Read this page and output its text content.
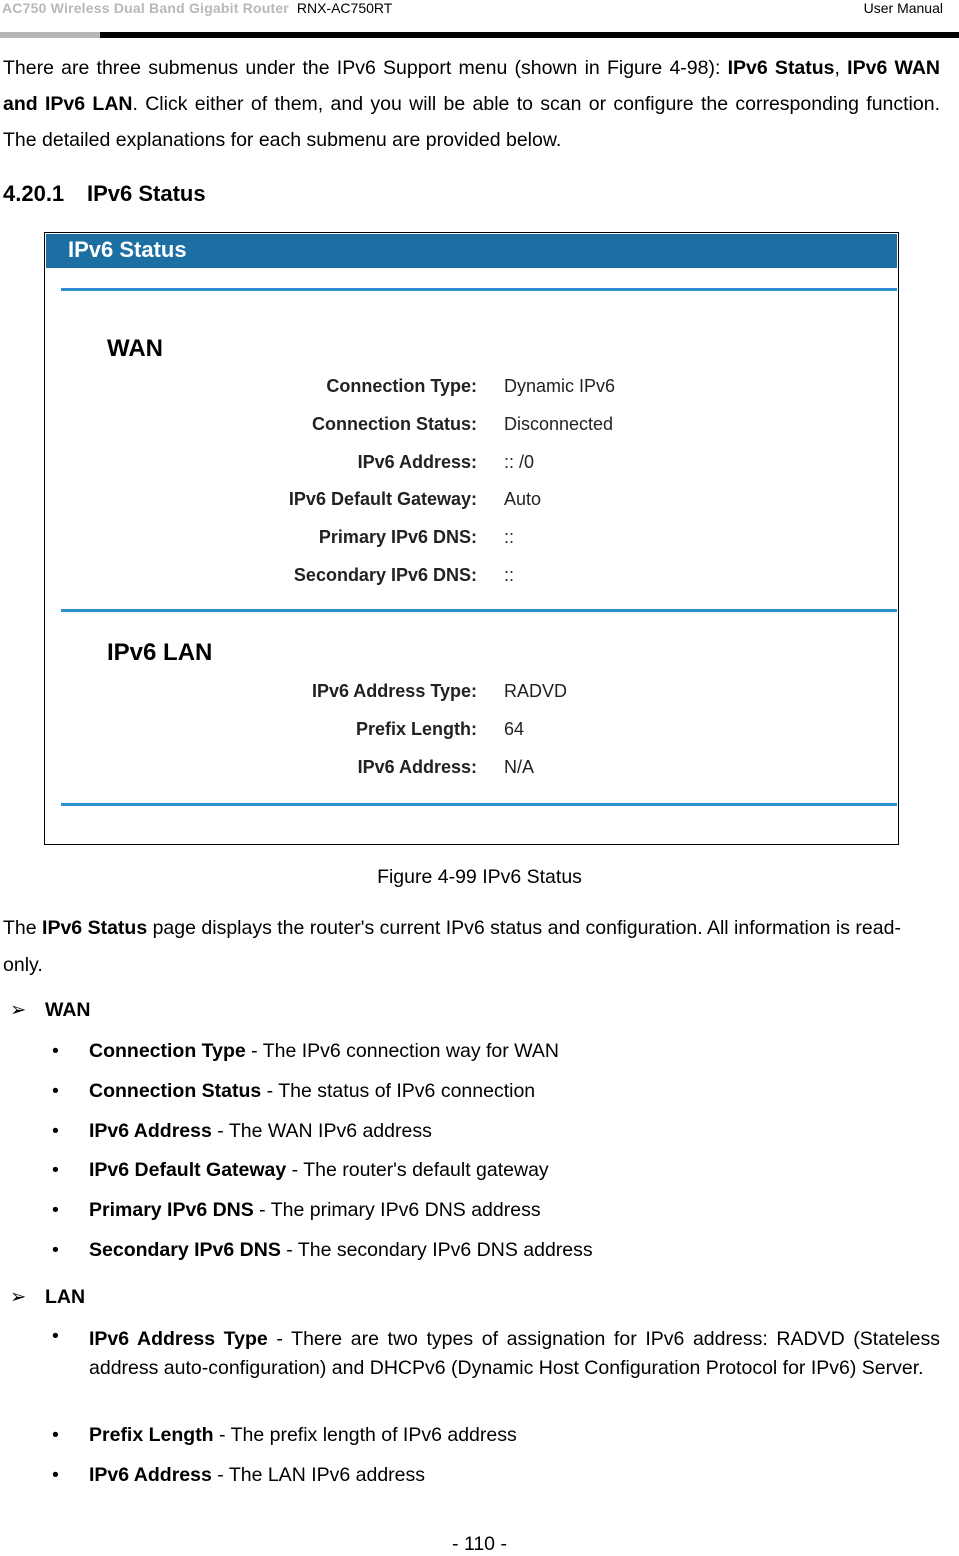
AC750 Wireless Dual Band Gigabit Router RNX-AC750RT	User Manual
There are three submenus under the IPv6 Support menu (shown in Figure 4-98): IPv6 Status, IPv6 WAN and IPv6 LAN. Click either of them, and you will be able to scan or configure the corresponding function. The detailed explanations for each submenu are provided below.
4.20.1 IPv6 Status
IPv6 Status
WAN
Connection Type: Dynamic IPv6
Connection Status: Disconnected
IPv6 Address: :: /0
IPv6 Default Gateway: Auto
Primary IPv6 DNS: ::
Secondary IPv6 DNS: ::
IPv6 LAN
IPv6 Address Type: RADVD
Prefix Length: 64
IPv6 Address: N/A
Figure 4-99 IPv6 Status
The IPv6 Status page displays the router's current IPv6 status and configuration. All information is read-only.
➢ WAN
•	Connection Type - The IPv6 connection way for WAN
•	Connection Status - The status of IPv6 connection
•	IPv6 Address - The WAN IPv6 address
•	IPv6 Default Gateway - The router's default gateway
•	Primary IPv6 DNS - The primary IPv6 DNS address
•	Secondary IPv6 DNS - The secondary IPv6 DNS address
➢ LAN
•	IPv6 Address Type - There are two types of assignation for IPv6 address: RADVD (Stateless address auto-configuration) and DHCPv6 (Dynamic Host Configuration Protocol for IPv6) Server.
•	Prefix Length - The prefix length of IPv6 address
•	IPv6 Address - The LAN IPv6 address
- 110 -
